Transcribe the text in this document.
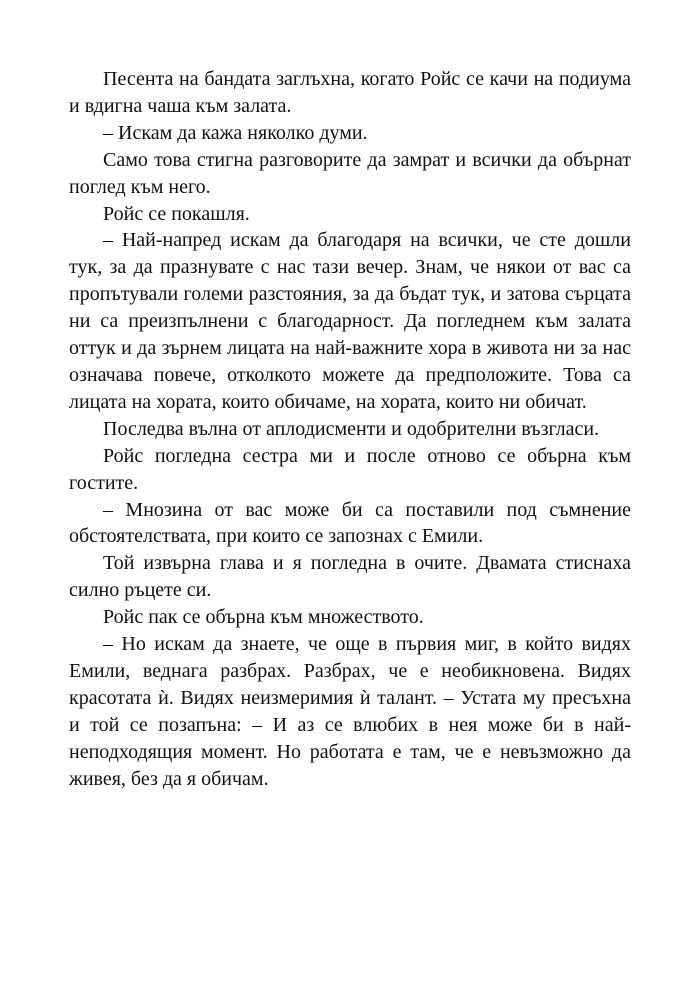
Песента на бандата заглъхна, когато Ройс се качи на подиума и вдигна чаша към залата.

– Искам да кажа няколко думи.

Само това стигна разговорите да замрат и всички да обърнат поглед към него.

Ройс се покашля.

– Най-напред искам да благодаря на всички, че сте дошли тук, за да празнувате с нас тази вечер. Знам, че някои от вас са пропътували големи разстояния, за да бъдат тук, и затова сърцата ни са преизпълнени с благодарност. Да погледнем към залата оттук и да зърнем лицата на най-важните хора в живота ни за нас означава повече, отколкото можете да предположите. Това са лицата на хората, които обичаме, на хората, които ни обичат.

Последва вълна от аплодисменти и одобрителни възгласи.

Ройс погледна сестра ми и после отново се обърна към гостите.

– Мнозина от вас може би са поставили под съмнение обстоятелствата, при които се запознах с Емили.

Той извърна глава и я погледна в очите. Двамата стиснаха силно ръцете си.

Ройс пак се обърна към множеството.

– Но искам да знаете, че още в първия миг, в който видях Емили, веднага разбрах. Разбрах, че е необикновена. Видях красотата ѝ. Видях неизмеримия ѝ талант. – Устата му пресъхна и той се позапъна: – И аз се влюбих в нея може би в най-неподходящия момент. Но работата е там, че е невъзможно да живея, без да я обичам.
